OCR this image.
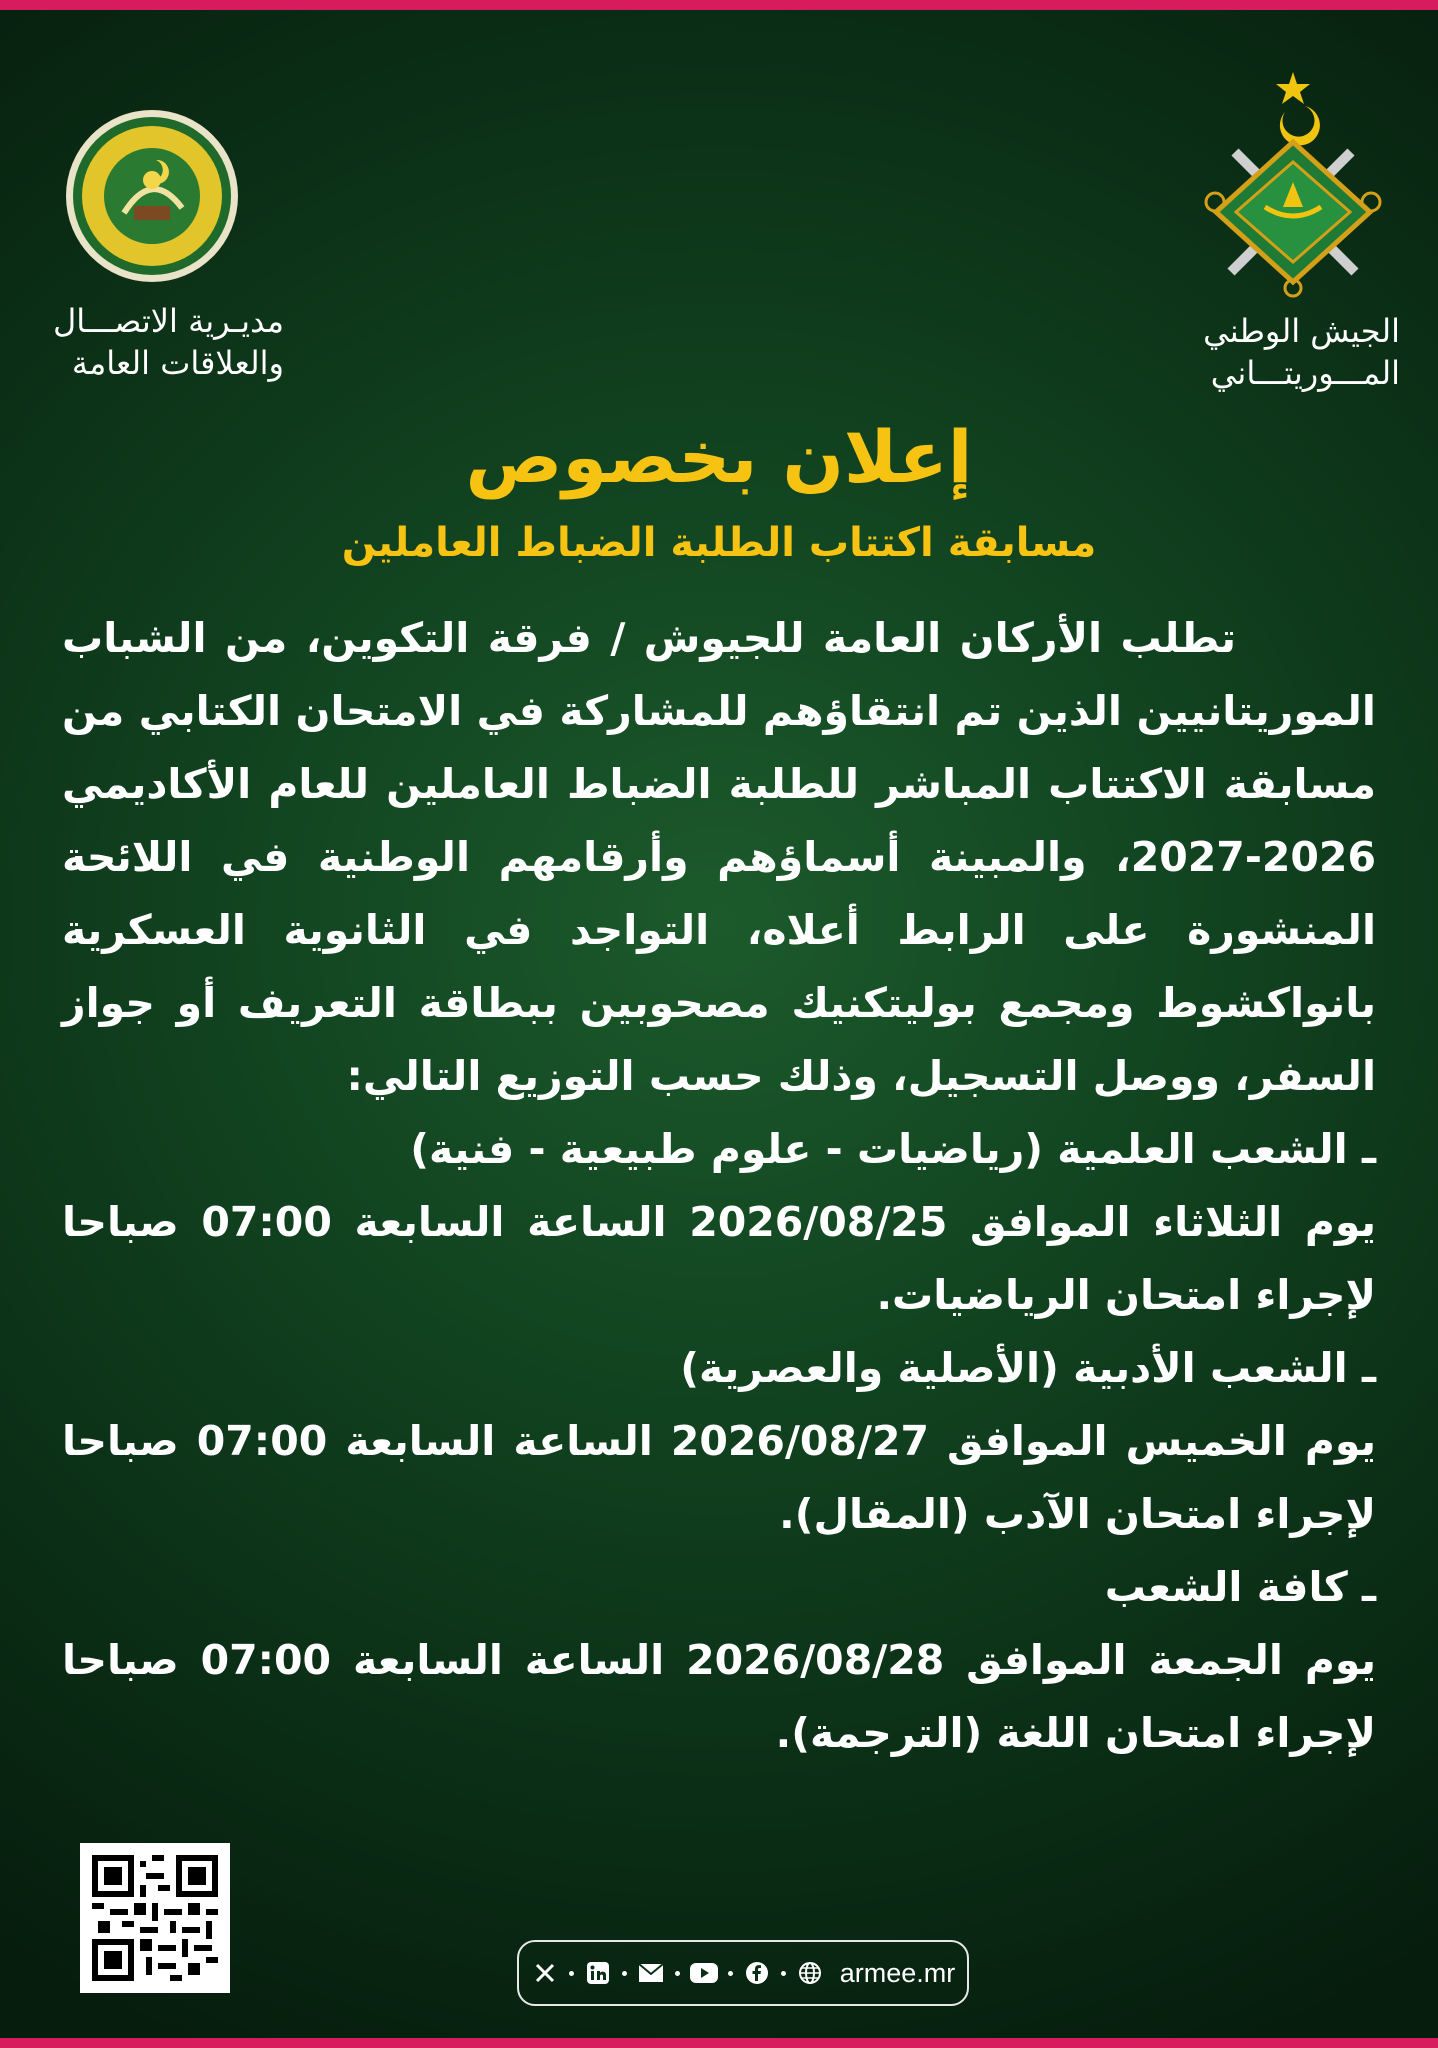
مديـرية الاتصـــال
والعلاقات العامة
الجيش الوطني
المـــوريتـــاني
إعلان بخصوص
مسابقة اكتتاب الطلبة الضباط العاملين

تطلب الأركان العامة للجيوش / فرقة التكوين، من الشباب الموريتانيين الذين تم انتقاؤهم للمشاركة في الامتحان الكتابي من مسابقة الاكتتاب المباشر للطلبة الضباط العاملين للعام الأكاديمي 2026-2027، والمبينة أسماؤهم وأرقامهم الوطنية في اللائحة المنشورة على الرابط أعلاه، التواجد في الثانوية العسكرية بانواكشوط ومجمع بوليتكنيك مصحوبين ببطاقة التعريف أو جواز السفر، ووصل التسجيل، وذلك حسب التوزيع التالي:

ـ الشعب العلمية (رياضيات - علوم طبيعية - فنية)

يوم الثلاثاء الموافق 2026/08/25 الساعة السابعة 07:00 صباحا لإجراء امتحان الرياضيات.

ـ الشعب الأدبية (الأصلية والعصرية)

يوم الخميس الموافق 2026/08/27 الساعة السابعة 07:00 صباحا لإجراء امتحان الآدب (المقال).

ـ كافة الشعب

يوم الجمعة الموافق 2026/08/28 الساعة السابعة 07:00 صباحا لإجراء امتحان اللغة (الترجمة).

armee.mr
